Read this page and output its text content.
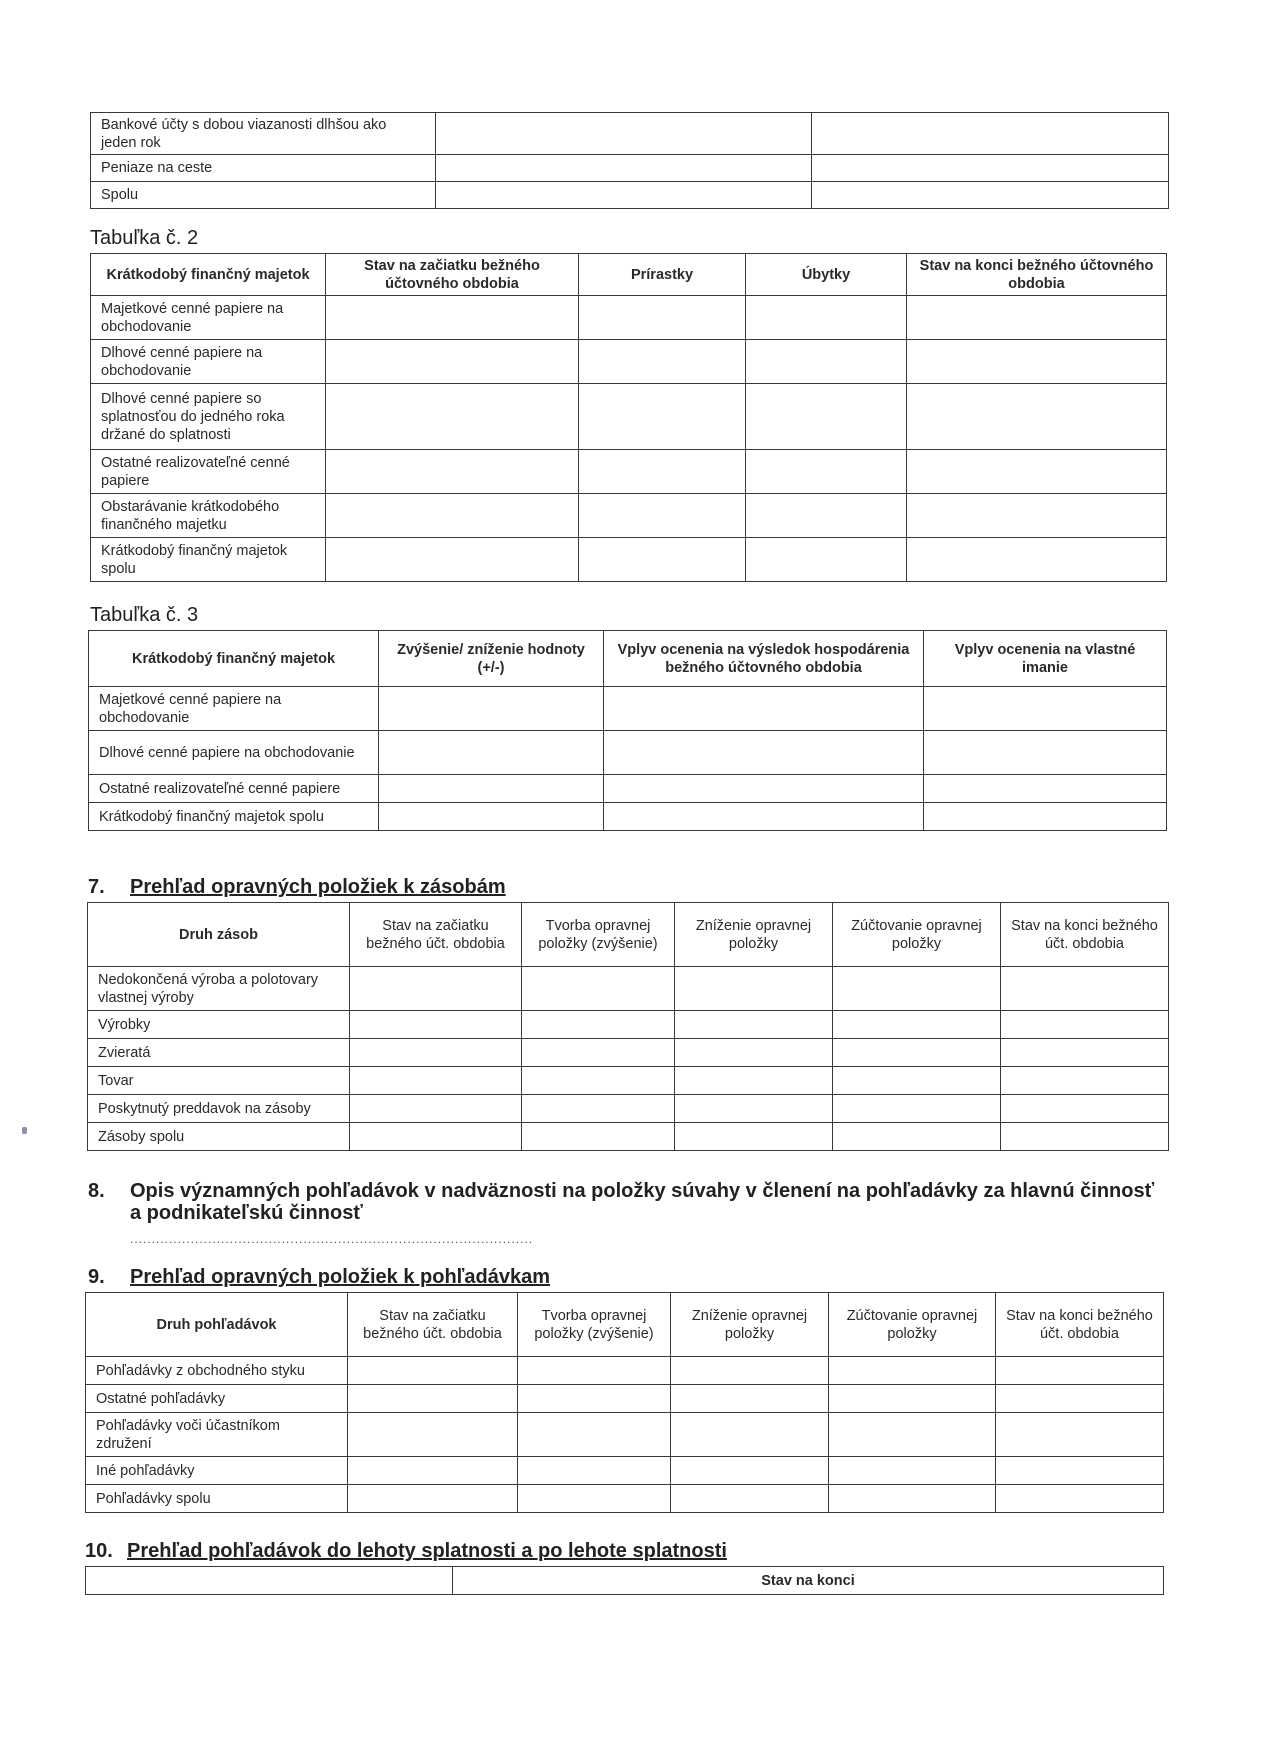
Bankové účty s dobou viazanosti dlhšou ako jeden rok		
Peniaze na ceste		
Spolu		
Tabuľka č. 2
Krátkodobý finančný majetok	Stav na začiatku bežného účtovného obdobia	Prírastky	Úbytky	Stav na konci bežného účtovného obdobia
Majetkové cenné papiere na obchodovanie				
Dlhové cenné papiere na obchodovanie				
Dlhové cenné papiere so splatnosťou do jedného roka držané do splatnosti				
Ostatné realizovateľné cenné papiere				
Obstarávanie krátkodobého finančného majetku				
Krátkodobý finančný majetok spolu				
Tabuľka č. 3
Krátkodobý finančný majetok	Zvýšenie/ zníženie hodnoty (+/-)	Vplyv ocenenia na výsledok hospodárenia bežného účtovného obdobia	Vplyv ocenenia na vlastné imanie
Majetkové cenné papiere na obchodovanie			
Dlhové cenné papiere na obchodovanie			
Ostatné realizovateľné cenné papiere			
Krátkodobý finančný majetok spolu			
7. Prehľad opravných položiek k zásobám
Druh zásob	Stav na začiatku bežného účt. obdobia	Tvorba opravnej položky (zvýšenie)	Zníženie opravnej položky	Zúčtovanie opravnej položky	Stav na konci bežného účt. obdobia
Nedokončená výroba a polotovary vlastnej výroby					
Výrobky					
Zvieratá					
Tovar					
Poskytnutý preddavok na zásoby					
Zásoby spolu					
8. Opis významných pohľadávok v nadväznosti na položky súvahy v členení na pohľadávky za hlavnú činnosť
a podnikateľskú činnosť
.............................................................................................
9. Prehľad opravných položiek k pohľadávkam
Druh pohľadávok	Stav na začiatku bežného účt. obdobia	Tvorba opravnej položky (zvýšenie)	Zníženie opravnej položky	Zúčtovanie opravnej položky	Stav na konci bežného účt. obdobia
Pohľadávky z obchodného styku					
Ostatné pohľadávky					
Pohľadávky voči účastníkom združení					
Iné pohľadávky					
Pohľadávky spolu					
10. Prehľad pohľadávok do lehoty splatnosti a po lehote splatnosti
	Stav na konci
